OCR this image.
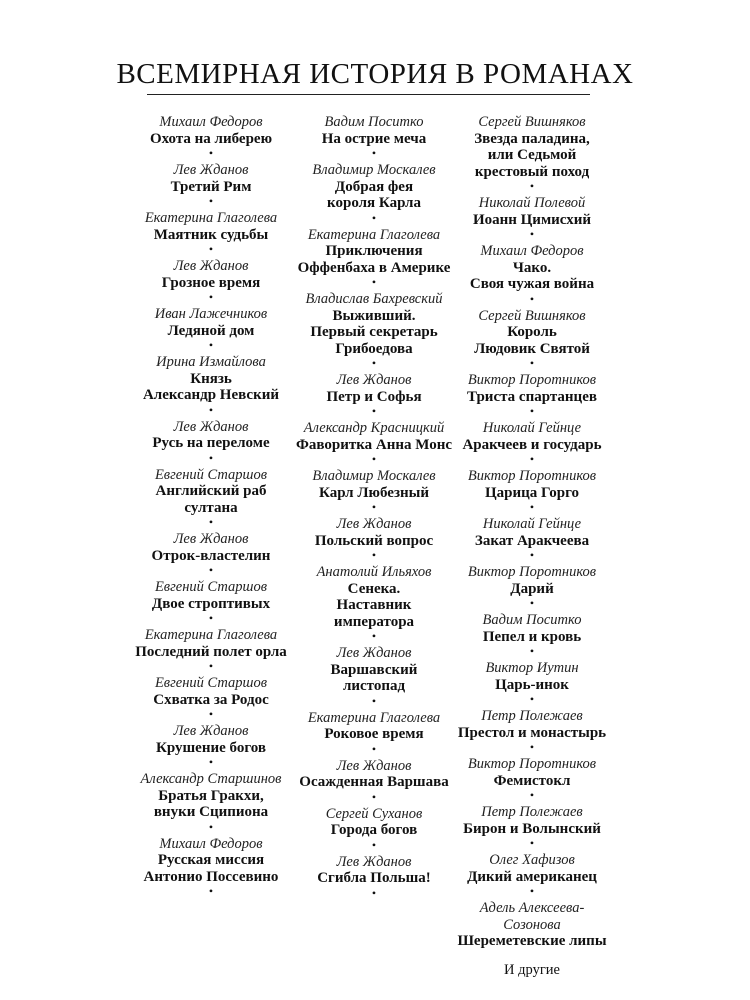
ВСЕМИРНАЯ ИСТОРИЯ В РОМАНАХ
Михаил Федоров
Охота на либерею
•
Лев Жданов
Третий Рим
•
Екатерина Глаголева
Маятник судьбы
•
Лев Жданов
Грозное время
•
Иван Лажечников
Ледяной дом
•
Ирина Измайлова
Князь
Александр Невский
•
Лев Жданов
Русь на переломе
•
Евгений Старшов
Английский раб
султана
•
Лев Жданов
Отрок-властелин
•
Евгений Старшов
Двое строптивых
•
Екатерина Глаголева
Последний полет орла
•
Евгений Старшов
Схватка за Родос
•
Лев Жданов
Крушение богов
•
Александр Старшинов
Братья Гракхи,
внуки Сципиона
•
Михаил Федоров
Русская миссия
Антонио Поссевино
•
Вадим Поситко
На острие меча
•
Владимир Москалев
Добрая фея
короля Карла
•
Екатерина Глаголева
Приключения
Оффенбаха в Америке
•
Владислав Бахревский
Выживший.
Первый секретарь
Грибоедова
•
Лев Жданов
Петр и Софья
•
Александр Красницкий
Фаворитка Анна Монс
•
Владимир Москалев
Карл Любезный
•
Лев Жданов
Польский вопрос
•
Анатолий Ильяхов
Сенека.
Наставник
императора
•
Лев Жданов
Варшавский
листопад
•
Екатерина Глаголева
Роковое время
•
Лев Жданов
Осажденная Варшава
•
Сергей Суханов
Города богов
•
Лев Жданов
Сгибла Польша!
•
Сергей Вишняков
Звезда паладина,
или Седьмой
крестовый поход
•
Николай Полевой
Иоанн Цимисхий
•
Михаил Федоров
Чако.
Своя чужая война
•
Сергей Вишняков
Король
Людовик Святой
•
Виктор Поротников
Триста спартанцев
•
Николай Гейнце
Аракчеев и государь
•
Виктор Поротников
Царица Горго
•
Николай Гейнце
Закат Аракчеева
•
Виктор Поротников
Дарий
•
Вадим Поситко
Пепел и кровь
•
Виктор Иутин
Царь-инок
•
Петр Полежаев
Престол и монастырь
•
Виктор Поротников
Фемистокл
•
Петр Полежаев
Бирон и Волынский
•
Олег Хафизов
Дикий американец
•
Адель Алексеева-
Созонова
Шереметевские липы
И другие
